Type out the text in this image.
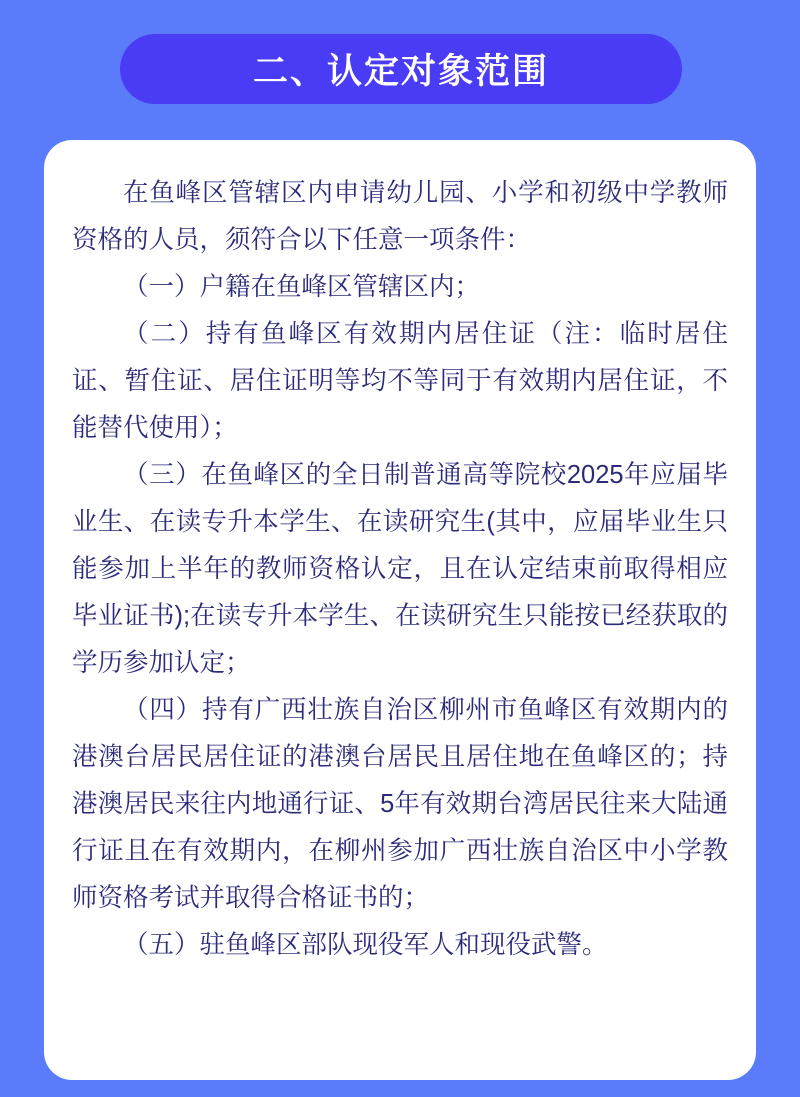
二、认定对象范围

在鱼峰区管辖区内申请幼儿园、小学和初级中学教师资格的人员，须符合以下任意一项条件：

（一）户籍在鱼峰区管辖区内；

（二）持有鱼峰区有效期内居住证（注：临时居住证、暂住证、居住证明等均不等同于有效期内居住证，不能替代使用）；

（三）在鱼峰区的全日制普通高等院校2025年应届毕业生、在读专升本学生、在读研究生(其中，应届毕业生只能参加上半年的教师资格认定，且在认定结束前取得相应毕业证书);在读专升本学生、在读研究生只能按已经获取的学历参加认定；

（四）持有广西壮族自治区柳州市鱼峰区有效期内的港澳台居民居住证的港澳台居民且居住地在鱼峰区的；持港澳居民来往内地通行证、5年有效期台湾居民往来大陆通行证且在有效期内，在柳州参加广西壮族自治区中小学教师资格考试并取得合格证书的；

（五）驻鱼峰区部队现役军人和现役武警。
